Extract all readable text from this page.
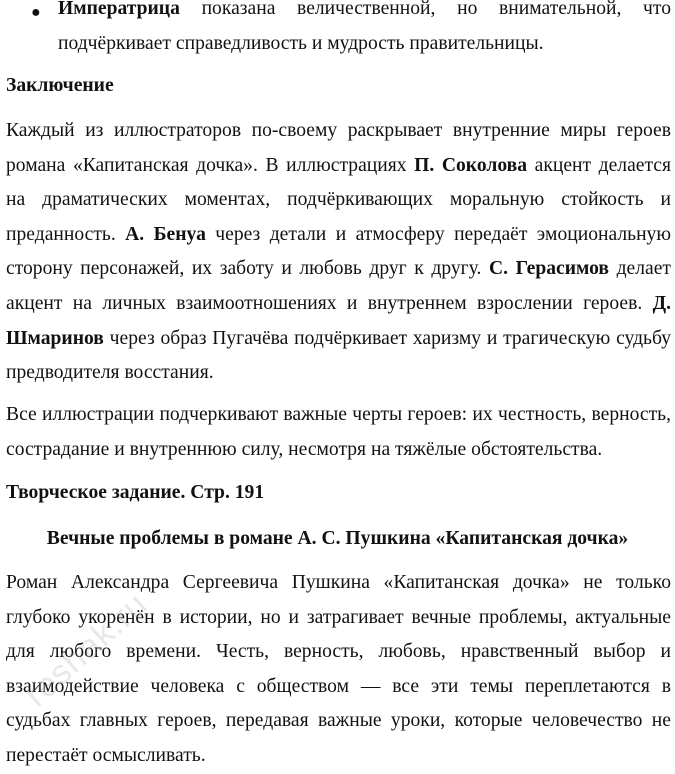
● Императрица показана величественной, но внимательной, что подчёркивает справедливость и мудрость правительницы.

Заключение

Каждый из иллюстраторов по-своему раскрывает внутренние миры героев романа «Капитанская дочка». В иллюстрациях П. Соколова акцент делается на драматических моментах, подчёркивающих моральную стойкость и преданность. А. Бенуа через детали и атмосферу передаёт эмоциональную сторону персонажей, их заботу и любовь друг к другу. С. Герасимов делает акцент на личных взаимоотношениях и внутреннем взрослении героев. Д. Шмаринов через образ Пугачёва подчёркивает харизму и трагическую судьбу предводителя восстания.

Все иллюстрации подчеркивают важные черты героев: их честность, верность, сострадание и внутреннюю силу, несмотря на тяжёлые обстоятельства.

Творческое задание. Стр. 191

Вечные проблемы в романе А. С. Пушкина «Капитанская дочка»

Роман Александра Сергеевича Пушкина «Капитанская дочка» не только глубоко укоренён в истории, но и затрагивает вечные проблемы, актуальные для любого времени. Честь, верность, любовь, нравственный выбор и взаимодействие человека с обществом — все эти темы переплетаются в судьбах главных героев, передавая важные уроки, которые человечество не перестаёт осмысливать.

reshak.ru
